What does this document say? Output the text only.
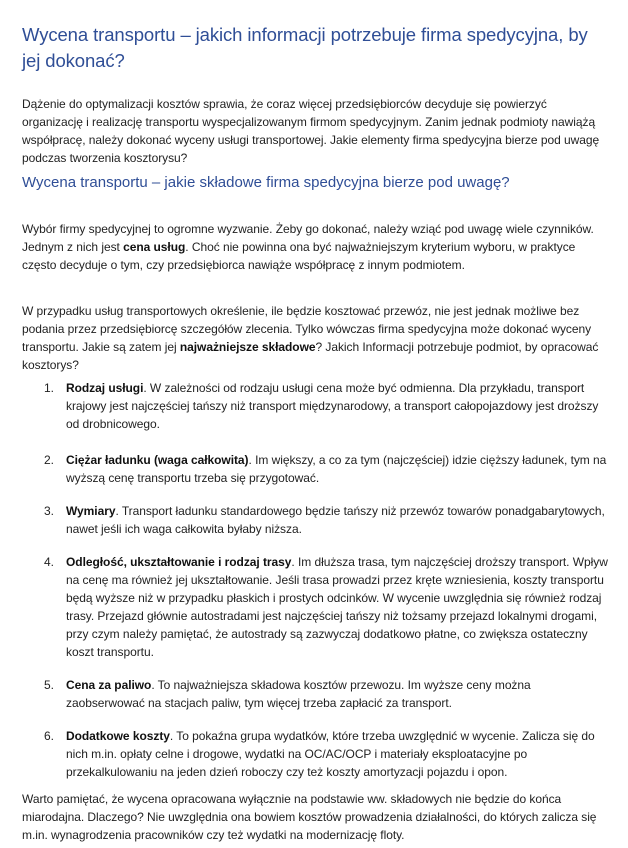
Wycena transportu – jakich informacji potrzebuje firma spedycyjna, by jej dokonać?

Dążenie do optymalizacji kosztów sprawia, że coraz więcej przedsiębiorców decyduje się powierzyć organizację i realizację transportu wyspecjalizowanym firmom spedycyjnym. Zanim jednak podmioty nawiążą współpracę, należy dokonać wyceny usługi transportowej. Jakie elementy firma spedycyjna bierze pod uwagę podczas tworzenia kosztorysu?

Wycena transportu – jakie składowe firma spedycyjna bierze pod uwagę?

Wybór firmy spedycyjnej to ogromne wyzwanie. Żeby go dokonać, należy wziąć pod uwagę wiele czynników. Jednym z nich jest cena usług. Choć nie powinna ona być najważniejszym kryterium wyboru, w praktyce często decyduje o tym, czy przedsiębiorca nawiąże współpracę z innym podmiotem.

W przypadku usług transportowych określenie, ile będzie kosztować przewóz, nie jest jednak możliwe bez podania przez przedsiębiorcę szczegółów zlecenia. Tylko wówczas firma spedycyjna może dokonać wyceny transportu. Jakie są zatem jej najważniejsze składowe? Jakich Informacji potrzebuje podmiot, by opracować kosztorys?

1. Rodzaj usługi. W zależności od rodzaju usługi cena może być odmienna. Dla przykładu, transport krajowy jest najczęściej tańszy niż transport międzynarodowy, a transport całopojazdowy jest droższy od drobnicowego.
2. Ciężar ładunku (waga całkowita). Im większy, a co za tym (najczęściej) idzie cięższy ładunek, tym na wyższą cenę transportu trzeba się przygotować.
3. Wymiary. Transport ładunku standardowego będzie tańszy niż przewóz towarów ponadgabarytowych, nawet jeśli ich waga całkowita byłaby niższa.
4. Odległość, ukształtowanie i rodzaj trasy. Im dłuższa trasa, tym najczęściej droższy transport. Wpływ na cenę ma również jej ukształtowanie. Jeśli trasa prowadzi przez kręte wzniesienia, koszty transportu będą wyższe niż w przypadku płaskich i prostych odcinków. W wycenie uwzględnia się również rodzaj trasy. Przejazd głównie autostradami jest najczęściej tańszy niż tożsamy przejazd lokalnymi drogami, przy czym należy pamiętać, że autostrady są zazwyczaj dodatkowo płatne, co zwiększa ostateczny koszt transportu.
5. Cena za paliwo. To najważniejsza składowa kosztów przewozu. Im wyższe ceny można zaobserwować na stacjach paliw, tym więcej trzeba zapłacić za transport.
6. Dodatkowe koszty. To pokaźna grupa wydatków, które trzeba uwzględnić w wycenie. Zalicza się do nich m.in. opłaty celne i drogowe, wydatki na OC/AC/OCP i materiały eksploatacyjne po przekalkulowaniu na jeden dzień roboczy czy też koszty amortyzacji pojazdu i opon.

Warto pamiętać, że wycena opracowana wyłącznie na podstawie ww. składowych nie będzie do końca miarodajna. Dlaczego? Nie uwzględnia ona bowiem kosztów prowadzenia działalności, do których zalicza się m.in. wynagrodzenia pracowników czy też wydatki na modernizację floty.
